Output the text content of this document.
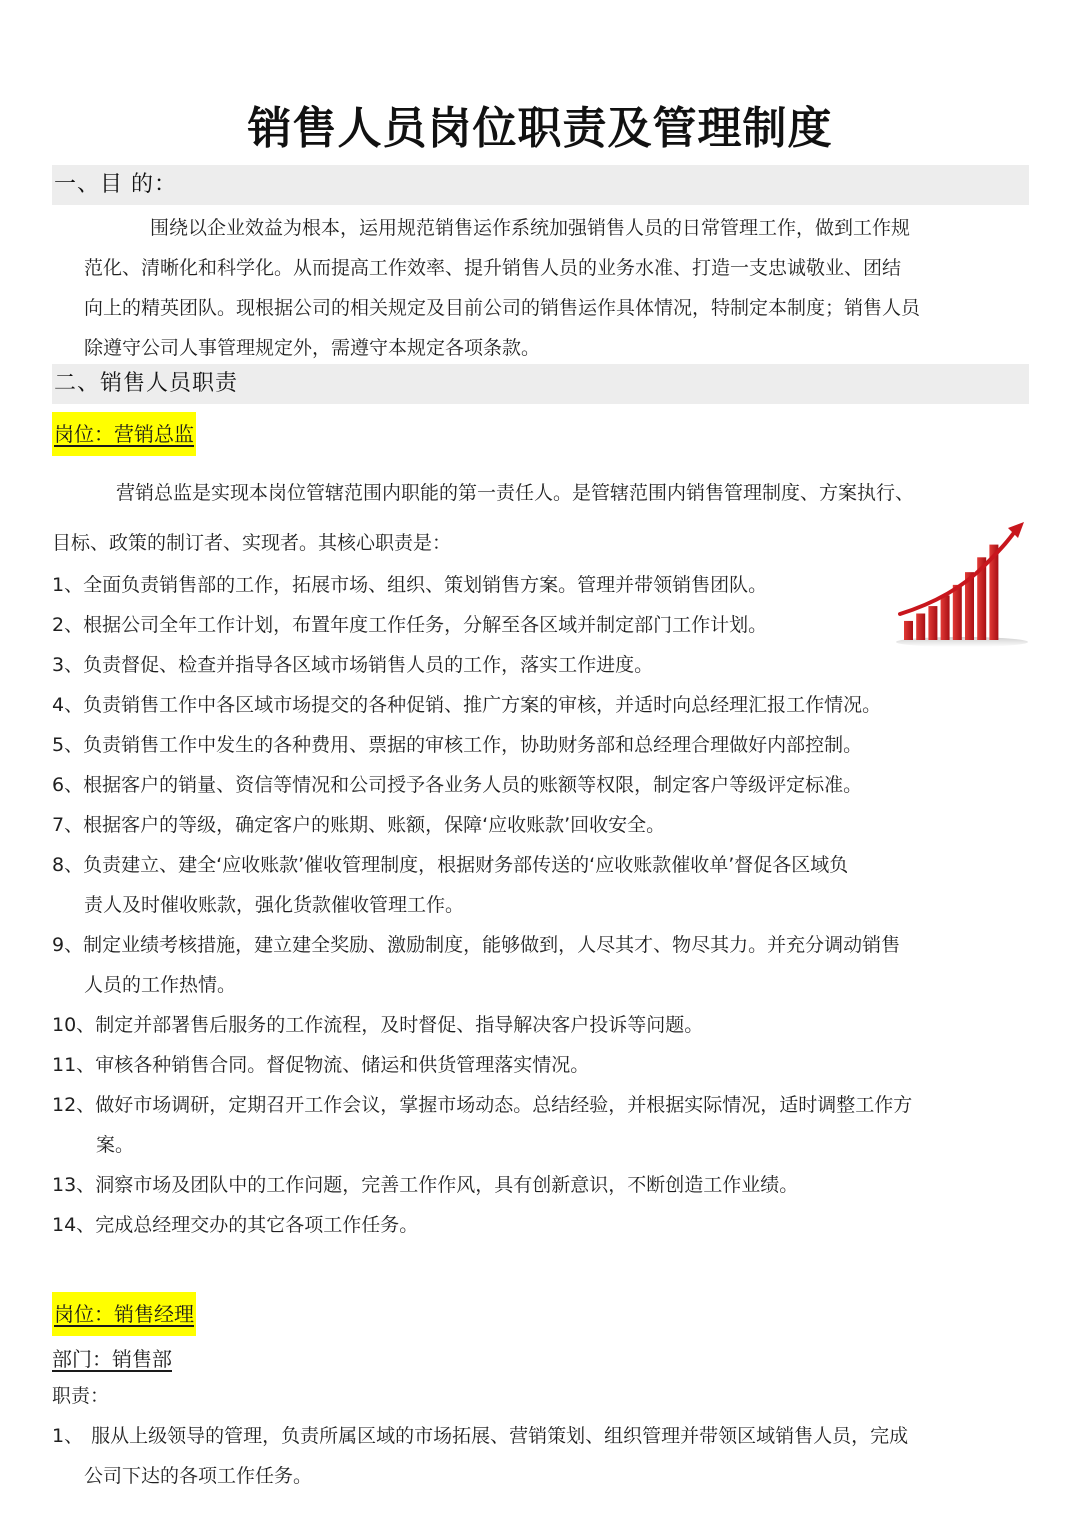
销售人员岗位职责及管理制度
一、目 的：
围绕以企业效益为根本，运用规范销售运作系统加强销售人员的日常管理工作，做到工作规
范化、清晰化和科学化。从而提高工作效率、提升销售人员的业务水准、打造一支忠诚敬业、团结
向上的精英团队。现根据公司的相关规定及目前公司的销售运作具体情况，特制定本制度；销售人员
除遵守公司人事管理规定外，需遵守本规定各项条款。
二、销售人员职责
岗位：营销总监
营销总监是实现本岗位管辖范围内职能的第一责任人。是管辖范围内销售管理制度、方案执行、
目标、政策的制订者、实现者。其核心职责是：
1、全面负责销售部的工作，拓展市场、组织、策划销售方案。管理并带领销售团队。
2、根据公司全年工作计划，布置年度工作任务，分解至各区域并制定部门工作计划。
3、负责督促、检查并指导各区域市场销售人员的工作，落实工作进度。
4、负责销售工作中各区域市场提交的各种促销、推广方案的审核，并适时向总经理汇报工作情况。
5、负责销售工作中发生的各种费用、票据的审核工作，协助财务部和总经理合理做好内部控制。
6、根据客户的销量、资信等情况和公司授予各业务人员的账额等权限，制定客户等级评定标准。
7、根据客户的等级，确定客户的账期、账额，保障‘应收账款’回收安全。
8、负责建立、建全‘应收账款’催收管理制度，根据财务部传送的‘应收账款催收单’督促各区域负
责人及时催收账款，强化货款催收管理工作。
9、制定业绩考核措施，建立建全奖励、激励制度，能够做到，人尽其才、物尽其力。并充分调动销售
人员的工作热情。
10、制定并部署售后服务的工作流程，及时督促、指导解决客户投诉等问题。
11、审核各种销售合同。督促物流、储运和供货管理落实情况。
12、做好市场调研，定期召开工作会议，掌握市场动态。总结经验，并根据实际情况，适时调整工作方
案。
13、洞察市场及团队中的工作问题，完善工作作风，具有创新意识，不断创造工作业绩。
14、完成总经理交办的其它各项工作任务。
岗位：销售经理
部门：销售部
职责：
1、 服从上级领导的管理，负责所属区域的市场拓展、营销策划、组织管理并带领区域销售人员，完成
公司下达的各项工作任务。
